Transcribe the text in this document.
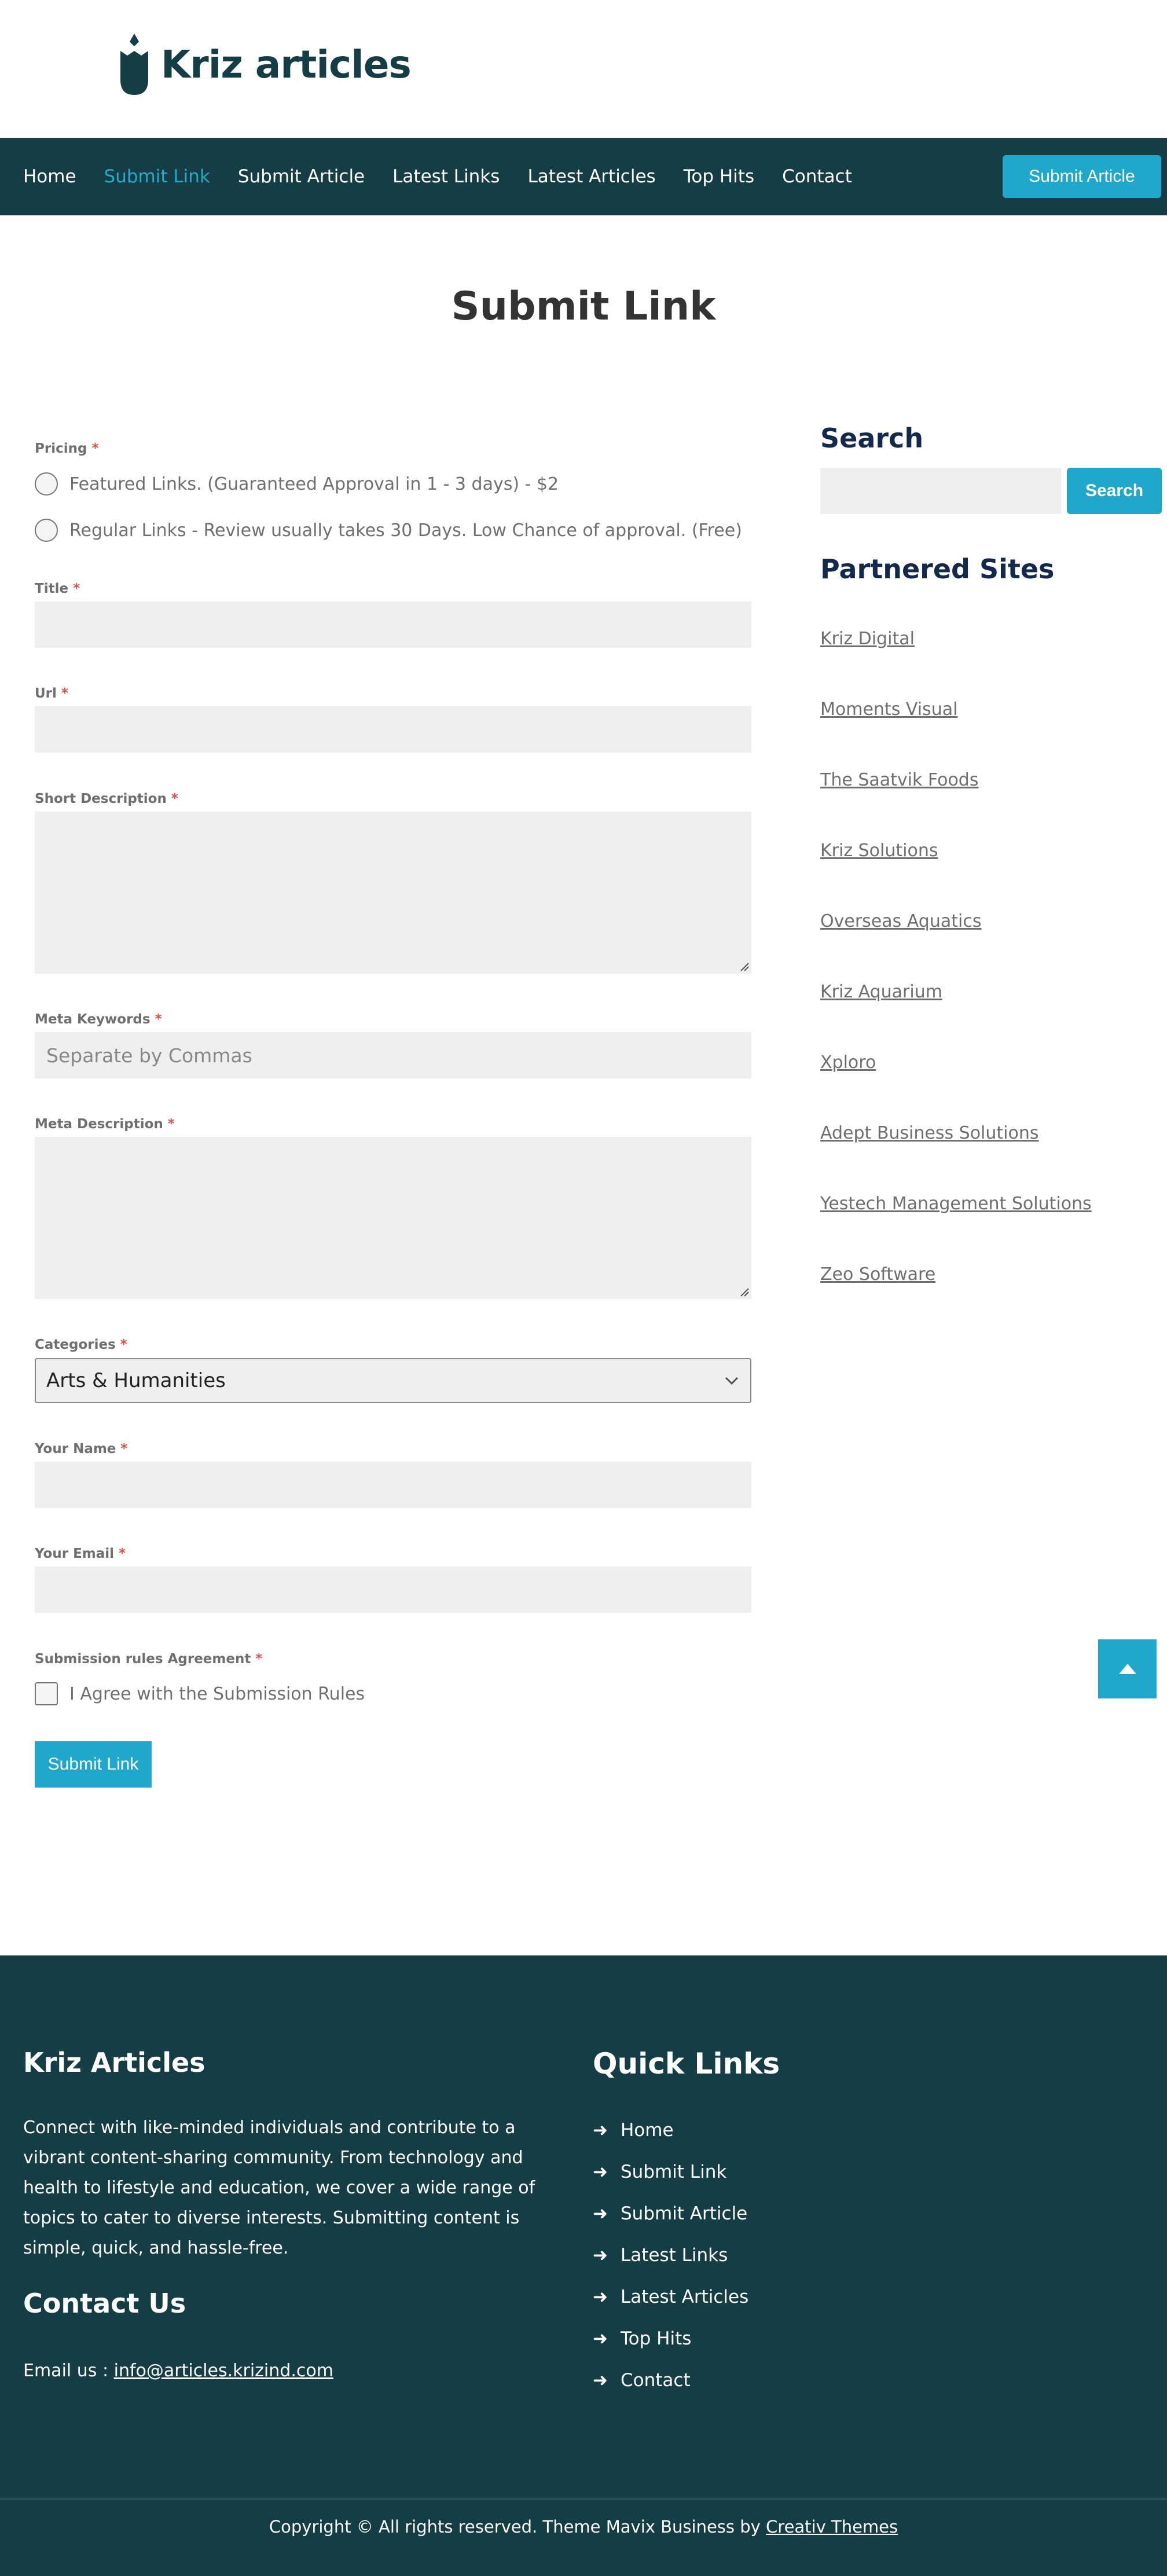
Kriz articles
Home Submit Link Submit Article Latest Links Latest Articles Top Hits Contact	Submit Article
Submit Link
Pricing *
Featured Links. (Guaranteed Approval in 1 - 3 days) - $2
Regular Links - Review usually takes 30 Days. Low Chance of approval. (Free)
Title *
Url *
Short Description *
Meta Keywords *
Separate by Commas
Meta Description *
Categories *
Arts & Humanities
Your Name *
Your Email *
Submission rules Agreement *
I Agree with the Submission Rules
Submit Link
Search
Search
Partnered Sites
Kriz Digital
Moments Visual
The Saatvik Foods
Kriz Solutions
Overseas Aquatics
Kriz Aquarium
Xploro
Adept Business Solutions
Yestech Management Solutions
Zeo Software
Kriz Articles

Connect with like-minded individuals and contribute to a vibrant content-sharing community. From technology and health to lifestyle and education, we cover a wide range of topics to cater to diverse interests. Submitting content is simple, quick, and hassle-free.

Contact Us
Email us : info@articles.krizind.com
Quick Links
➜ Home
➜ Submit Link
➜ Submit Article
➜ Latest Links
➜ Latest Articles
➜ Top Hits
➜ Contact
Copyright © All rights reserved. Theme Mavix Business by Creativ Themes
